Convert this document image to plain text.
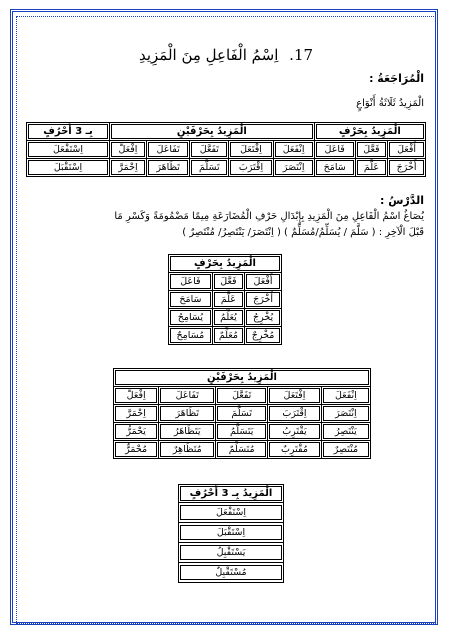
17. اِسْمُ الْفَاعِلِ مِنَ الْمَزِيدِ
الْمُرَاجَعَةُ :
الْمَزِيدُ ثَلَاثَةُ أَنْوَاعٍ
الْمَزِيدُ بِحَرْفٍ			الْمَزِيدُ بِحَرْفَيْنِ					بِـ 3 أَحْرُفٍ

أَفْعَلَ	فَعَّلَ	فَاعَلَ	اِنْفَعَلَ	اِفْتَعَلَ	تَفَعَّلَ	تَفَاعَلَ	اِفْعَلَّ	اِسْتَفْعَلَ

أَخْرَجَ	عَلَّمَ	سَامَحَ	اِنْتَصَرَ	اِقْتَرَبَ	تَسَلَّمَ	تَظَاهَرَ	اِحْمَرَّ	اِسْتَقْبَلَ
الدَّرْسُ :
يُصَاغُ اسْمُ الْفَاعِلِ مِنَ الْمَزِيدِ بِإِبْدَالِ حَرْفِ الْمُضَارَعَةِ مِيمًا مَضْمُومَةً وَكَسْرِ مَا
قَبْلَ الْآخِرِ : ( سَلَّمَ / يُسَلِّمُ/مُسَلِّمٌ ) ( اِنْتَصَرَ/ يَنْتَصِرُ/ مُنْتَصِرٌ )
الْمَزِيدُ بِحَرْفٍ		

أَفْعَلَ	فَعَّلَ	فَاعَلَ

أَخْرَجَ	عَلَّمَ	سَامَحَ

يُخْرِجُ	يُعَلِّمُ	يُسَامِحُ

مُخْرِجٌ	مُعَلِّمٌ	مُسَامِحٌ
الْمَزِيدُ بِحَرْفَيْنِ				

اِنْفَعَلَ	اِفْتَعَلَ	تَفَعَّلَ	تَفَاعَلَ	اِفْعَلَّ

اِنْتَصَرَ	اِقْتَرَبَ	تَسَلَّمَ	تَظَاهَرَ	اِحْمَرَّ

يَنْتَصِرُ	يَقْتَرِبُ	يَتَسَلَّمُ	يَتَظَاهَرُ	يَحْمَرُّ

مُنْتَصِرٌ	مُقْتَرِبٌ	مُتَسَلِّمٌ	مُتَظَاهِرٌ	مُحْمَرٌّ
الْمَزِيدُ بِـ 3 أَحْرُفٍ

اِسْتَفْعَلَ

اِسْتَقْبَلَ

يَسْتَقْبِلُ

مُسْتَقْبِلٌ
